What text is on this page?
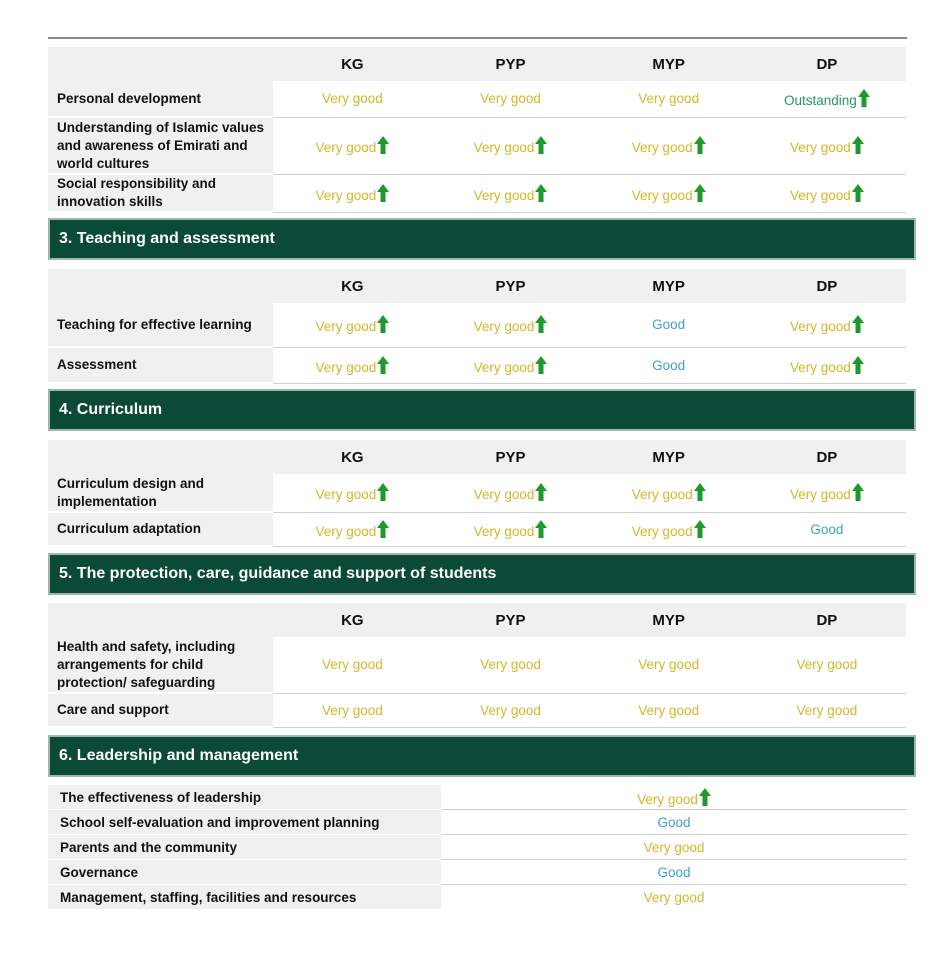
	KG	PYP	MYP	DP
Personal development	Very good	Very good	Very good	Outstanding
Understanding of Islamic values and awareness of Emirati and world cultures	Very good	Very good	Very good	Very good
Social responsibility and innovation skills	Very good	Very good	Very good	Very good
3. Teaching and assessment
	KG	PYP	MYP	DP
Teaching for effective learning	Very good	Very good	Good	Very good
Assessment	Very good	Very good	Good	Very good
4. Curriculum
	KG	PYP	MYP	DP
Curriculum design and implementation	Very good	Very good	Very good	Very good
Curriculum adaptation	Very good	Very good	Very good	Good
5. The protection, care, guidance and support of students
	KG	PYP	MYP	DP
Health and safety, including arrangements for child protection/ safeguarding	Very good	Very good	Very good	Very good
Care and support	Very good	Very good	Very good	Very good
6. Leadership and management
The effectiveness of leadership	Very good
School self-evaluation and improvement planning	Good
Parents and the community	Very good
Governance	Good
Management, staffing, facilities and resources	Very good
